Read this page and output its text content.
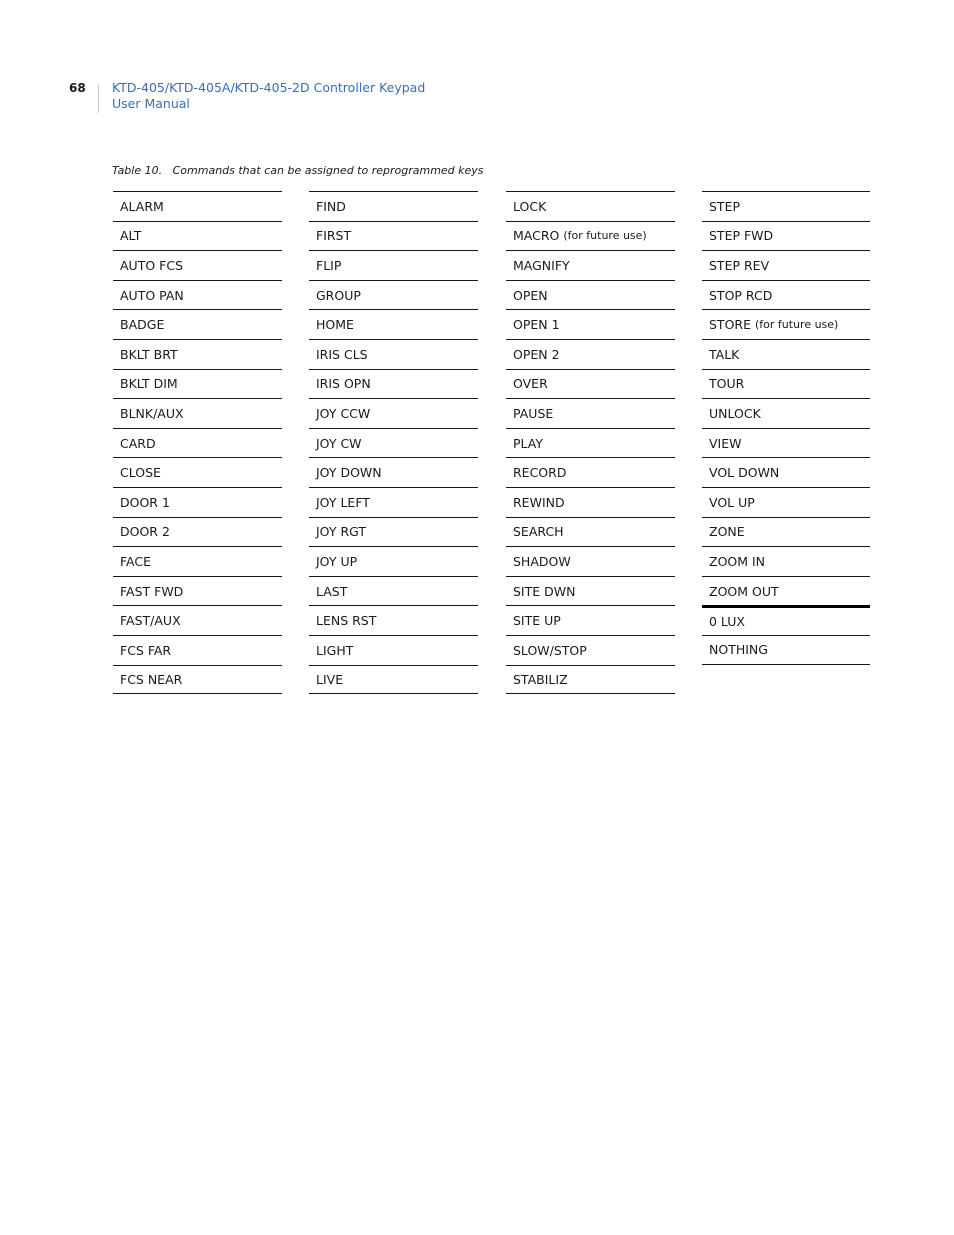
68 KTD-405/KTD-405A/KTD-405-2D Controller Keypad
User Manual
Table 10. Commands that can be assigned to reprogrammed keys
ALARM
ALT
AUTO FCS
AUTO PAN
BADGE
BKLT BRT
BKLT DIM
BLNK/AUX
CARD
CLOSE
DOOR 1
DOOR 2
FACE
FAST FWD
FAST/AUX
FCS FAR
FCS NEAR
FIND
FIRST
FLIP
GROUP
HOME
IRIS CLS
IRIS OPN
JOY CCW
JOY CW
JOY DOWN
JOY LEFT
JOY RGT
JOY UP
LAST
LENS RST
LIGHT
LIVE
LOCK
MACRO (for future use)
MAGNIFY
OPEN
OPEN 1
OPEN 2
OVER
PAUSE
PLAY
RECORD
REWIND
SEARCH
SHADOW
SITE DWN
SITE UP
SLOW/STOP
STABILIZ
STEP
STEP FWD
STEP REV
STOP RCD
STORE (for future use)
TALK
TOUR
UNLOCK
VIEW
VOL DOWN
VOL UP
ZONE
ZOOM IN
ZOOM OUT
0 LUX
NOTHING
